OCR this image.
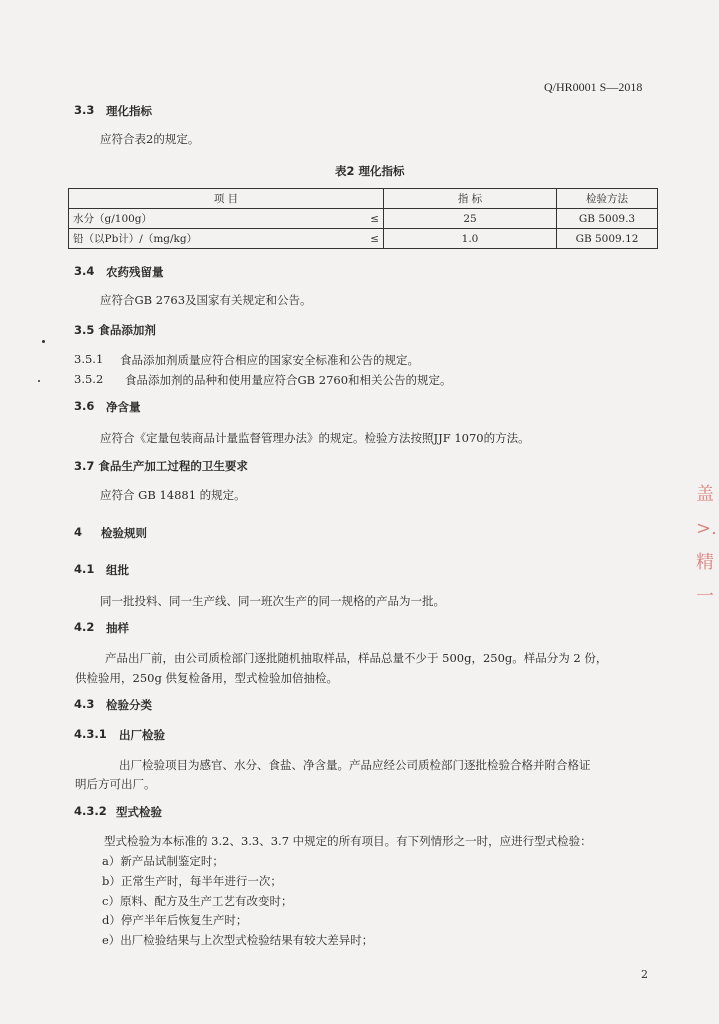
Q/HR0001 S—2018
3.3 理化指标
应符合表2的规定。
表2 理化指标
项 目		指 标	检验方法
水分（g/100g）	≤	25	GB 5009.3
铅（以Pb计）/（mg/kg）	≤	1.0	GB 5009.12
3.4 农药残留量
应符合GB 2763及国家有关规定和公告。
3.5 食品添加剂
3.5.1 食品添加剂质量应符合相应的国家安全标准和公告的规定。
3.5.2 食品添加剂的品种和使用量应符合GB 2760和相关公告的规定。
3.6 净含量
应符合《定量包装商品计量监督管理办法》的规定。检验方法按照JJF 1070的方法。
3.7 食品生产加工过程的卫生要求
应符合 GB 14881 的规定。
4 检验规则
4.1 组批
同一批投料、同一生产线、同一班次生产的同一规格的产品为一批。
4.2 抽样
产品出厂前，由公司质检部门逐批随机抽取样品，样品总量不少于 500g，250g。样品分为 2 份，
供检验用，250g 供复检备用，型式检验加倍抽检。
4.3 检验分类
4.3.1 出厂检验
出厂检验项目为感官、水分、食盐、净含量。产品应经公司质检部门逐批检验合格并附合格证
明后方可出厂。
4.3.2 型式检验
型式检验为本标准的 3.2、3.3、3.7 中规定的所有项目。有下列情形之一时，应进行型式检验：
a）新产品试制鉴定时；
b）正常生产时，每半年进行一次；
c）原料、配方及生产工艺有改变时；
d）停产半年后恢复生产时；
e）出厂检验结果与上次型式检验结果有较大差异时；
2
盖
>.
精
一
